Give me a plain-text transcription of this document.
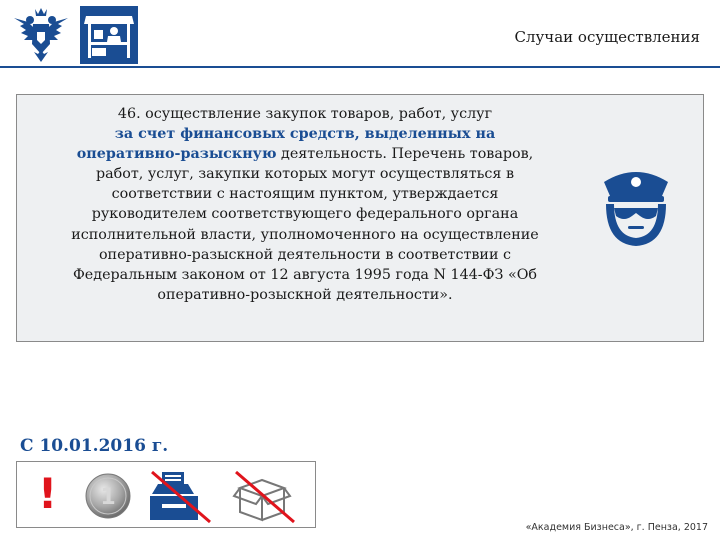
Случаи осуществления
46. осуществление закупок товаров, работ, услуг
за счет финансовых средств, выделенных на
оперативно-разыскную деятельность. Перечень товаров,
работ, услуг, закупки которых могут осуществляться в
соответствии с настоящим пунктом, утверждается
руководителем соответствующего федерального органа
исполнительной власти, уполномоченного на осуществление
оперативно-разыскной деятельности в соответствии с
Федеральным законом от 12 августа 1995 года N 144-ФЗ «Об
оперативно-розыскной деятельности».
С 10.01.2016 г.
! 1
«Академия Бизнеса», г. Пенза, 2017
